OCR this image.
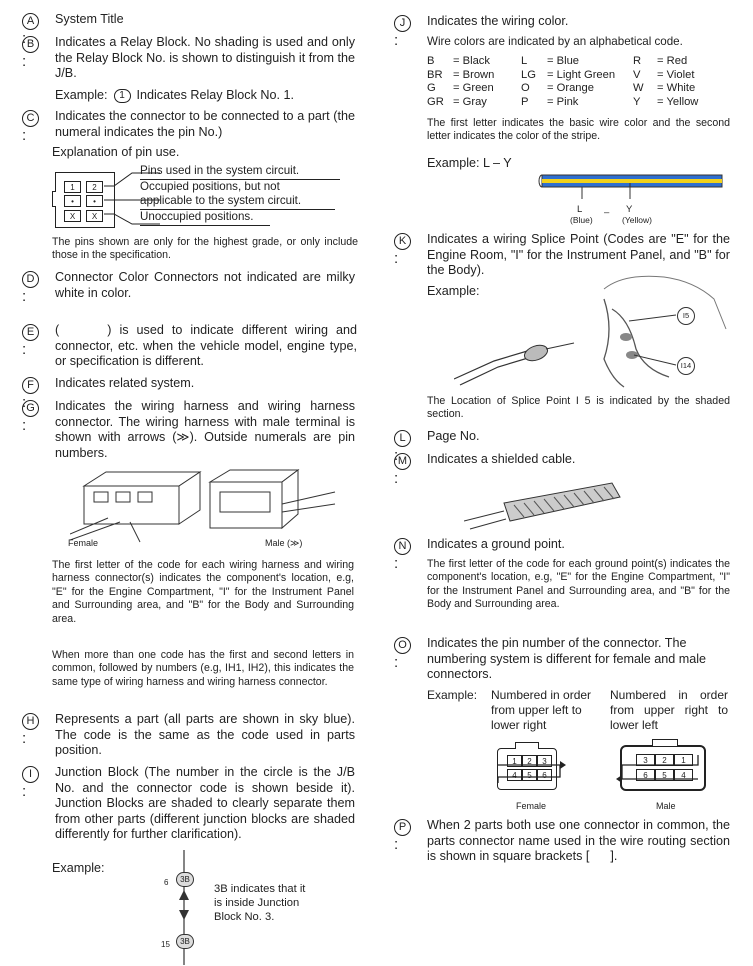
A:
System Title
B:
Indicates a Relay Block. No shading is used and only the Relay Block No. is shown to distinguish it from the J/B.
Example:	1 Indicates Relay Block No. 1.
C:
Indicates the connector to be connected to a part (the numeral indicates the pin No.)
Explanation of pin use.
1	2
•	•
X	X
Pins used in the system circuit.
Occupied positions, but not applicable to the system circuit.
Unoccupied positions.
The pins shown are only for the highest grade, or only include those in the specification.
D:
Connector Color Connectors not indicated are milky white in color.
E:
(      ) is used to indicate different wiring and connector, etc. when the vehicle model, engine type, or specification is different.
F:
Indicates related system.
G:
Indicates the wiring harness and wiring harness connector. The wiring harness with male terminal is shown with arrows (≫). Outside numerals are pin numbers.
Female	Male (≫)
The first letter of the code for each wiring harness and wiring harness connector(s) indicates the component's location, e.g, "E" for the Engine Compartment, "I" for the Instrument Panel and Surrounding area, and "B" for the Body and Surrounding area.
When more than one code has the first and second letters in common, followed by numbers (e.g, IH1, IH2), this indicates the same type of wiring harness and wiring harness connector.
H:
Represents a part (all parts are shown in sky blue). The code is the same as the code used in parts position.
I:
Junction Block (The number in the circle is the J/B No. and the connector code is shown beside it). Junction Blocks are shaded to clearly separate them from other parts (different junction blocks are shaded differently for further clarification).
Example:
6	3B
15	3B
3B indicates that it is inside Junction Block No. 3.
J:
Indicates the wiring color.
Wire colors are indicated by an alphabetical code.
B	= Black	L	= Blue	R	= Red
BR	= Brown	LG	= Light Green	V	= Violet
G	= Green	O	= Orange	W	= White
GR	= Gray	P	= Pink	Y	= Yellow
The first letter indicates the basic wire color and the second letter indicates the color of the stripe.
Example: L – Y
L – Y
(Blue)	(Yellow)
K:
Indicates a wiring Splice Point (Codes are "E" for the Engine Room, "I" for the Instrument Panel, and "B" for the Body).
Example:
I5
I14
The Location of Splice Point I 5 is indicated by the shaded section.
L:
Page No.
M:
Indicates a shielded cable.
N:
Indicates a ground point.
The first letter of the code for each ground point(s) indicates the component's location, e.g, "E" for the Engine Compartment, "I" for the Instrument Panel and Surrounding area, and "B" for the Body and Surrounding area.
O:
Indicates the pin number of the connector. The numbering system is different for female and male connectors.
Example: Numbered in order from upper left to lower right
Numbered in order from upper right to lower left
1	2	3
4	5	6
Female
3	2	1
6	5	4
Male
P:
When 2 parts both use one connector in common, the parts connector name used in the wire routing section is shown in square brackets [      ].
